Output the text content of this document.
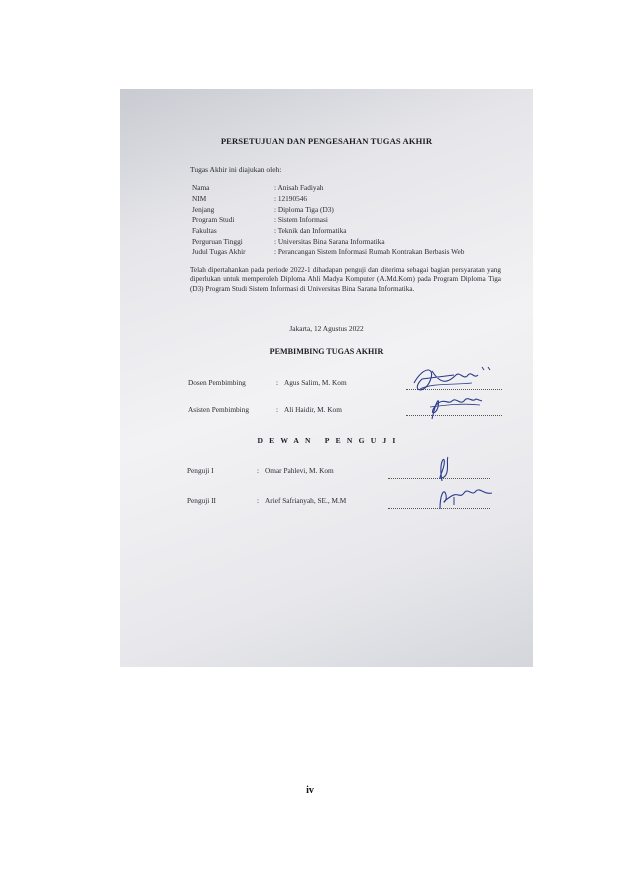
PERSETUJUAN DAN PENGESAHAN TUGAS AKHIR
Tugas Akhir ini diajukan oleh:
Nama	: Anisah Fadiyah
NIM	: 12190546
Jenjang	: Diploma Tiga (D3)
Program Studi	: Sistem Informasi
Fakultas	: Teknik dan Informatika
Perguruan Tinggi	: Universitas Bina Sarana Informatika
Judul Tugas Akhir	: Perancangan Sistem Informasi Rumah Kontrakan Berbasis Web
Telah dipertahankan pada periode 2022-1 dihadapan penguji dan diterima sebagai bagian persyaratan yang diperlukan untuk memperoleh Diploma Ahli Madya Komputer (A.Md.Kom) pada Program Diploma Tiga (D3) Program Studi Sistem Informasi di Universitas Bina Sarana Informatika.
Jakarta, 12 Agustus 2022
PEMBIMBING TUGAS AKHIR
Dosen Pembimbing	: Agus Salim, M. Kom
Asisten Pembimbing	: Ali Haidir, M. Kom
DEWAN PENGUJI
Penguji I	: Omar Pahlevi, M. Kom
Penguji II	: Arief Safrianyah, SE., M.M
iv
